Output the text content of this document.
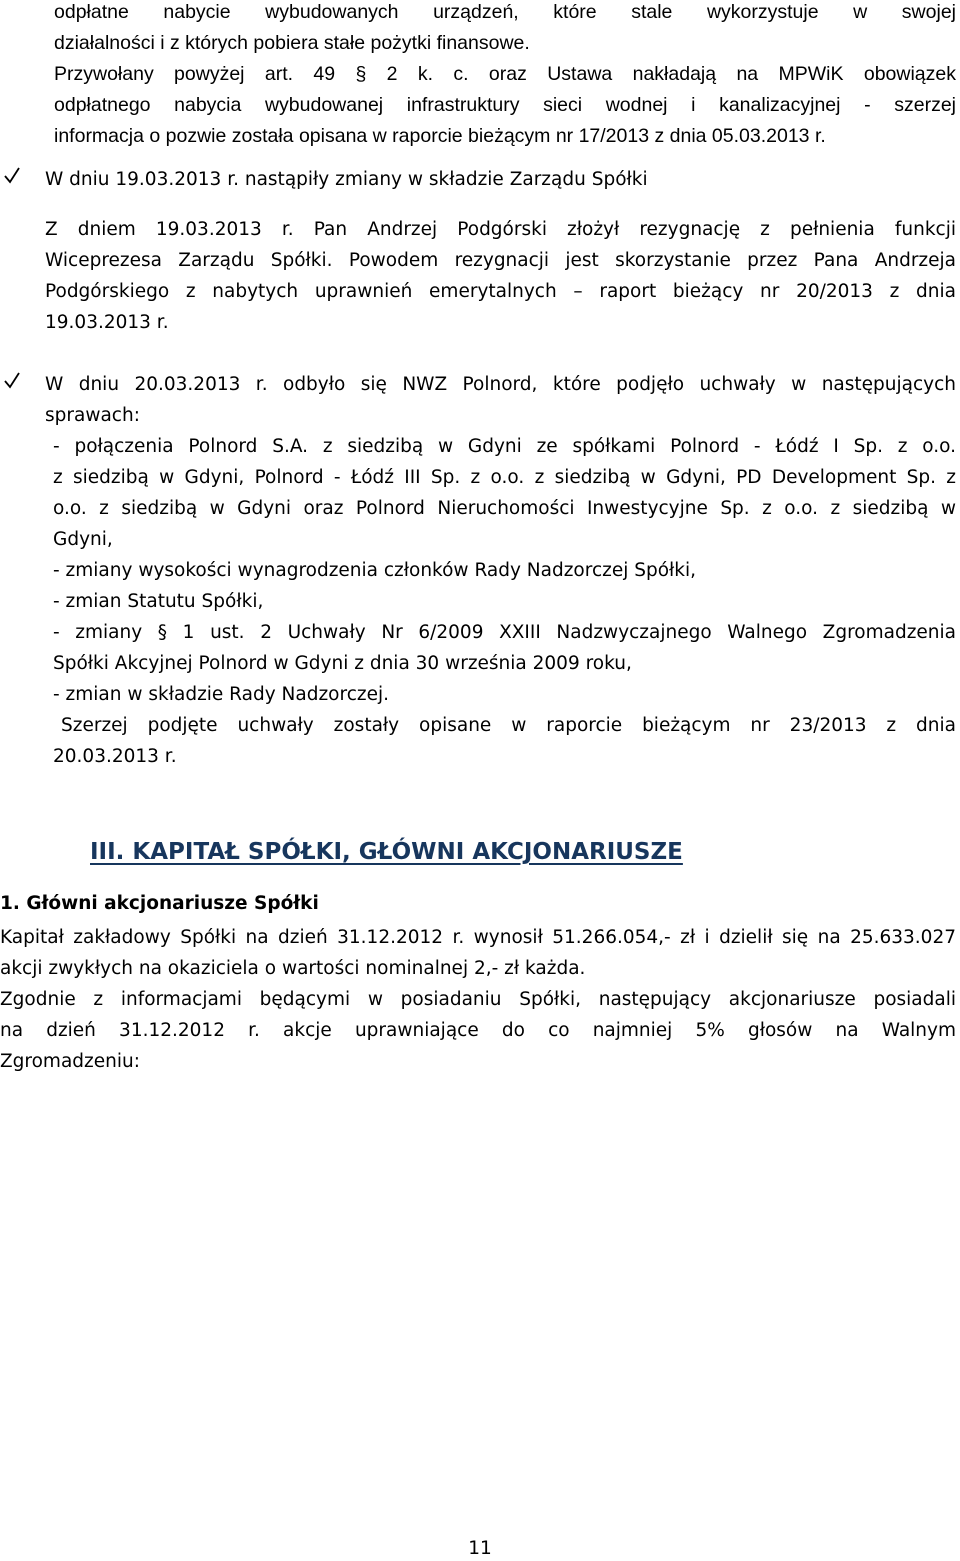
odpłatne nabycie wybudowanych urządzeń, które stale wykorzystuje w swojej
działalności i z których pobiera stałe pożytki finansowe.
Przywołany powyżej art. 49 § 2 k. c. oraz Ustawa nakładają na MPWiK obowiązek
odpłatnego nabycia wybudowanej infrastruktury sieci wodnej i kanalizacyjnej - szerzej
informacja o pozwie została opisana w raporcie bieżącym nr 17/2013 z dnia 05.03.2013 r.
W dniu 19.03.2013 r. nastąpiły zmiany w składzie Zarządu Spółki
Z dniem 19.03.2013 r. Pan Andrzej Podgórski złożył rezygnację z pełnienia funkcji
Wiceprezesa Zarządu Spółki. Powodem rezygnacji jest skorzystanie przez Pana Andrzeja
Podgórskiego z nabytych uprawnień emerytalnych – raport bieżący nr 20/2013 z dnia
19.03.2013 r.
W dniu 20.03.2013 r. odbyło się NWZ Polnord, które podjęło uchwały w następujących
sprawach:
- połączenia Polnord S.A. z siedzibą w Gdyni ze spółkami Polnord - Łódź I Sp. z o.o.
z siedzibą w Gdyni, Polnord - Łódź III Sp. z o.o. z siedzibą w Gdyni, PD Development Sp. z
o.o. z siedzibą w Gdyni oraz Polnord Nieruchomości Inwestycyjne Sp. z o.o. z siedzibą w
Gdyni,
- zmiany wysokości wynagrodzenia członków Rady Nadzorczej Spółki,
- zmian Statutu Spółki,
- zmiany § 1 ust. 2 Uchwały Nr 6/2009 XXIII Nadzwyczajnego Walnego Zgromadzenia
Spółki Akcyjnej Polnord w Gdyni z dnia 30 września 2009 roku,
- zmian w składzie Rady Nadzorczej.
Szerzej podjęte uchwały zostały opisane w raporcie bieżącym nr 23/2013 z dnia
20.03.2013 r.
III. KAPITAŁ SPÓŁKI, GŁÓWNI AKCJONARIUSZE
1. Główni akcjonariusze Spółki
Kapitał zakładowy Spółki na dzień 31.12.2012 r. wynosił 51.266.054,- zł i dzielił się na 25.633.027
akcji zwykłych na okaziciela o wartości nominalnej 2,- zł każda.
Zgodnie z informacjami będącymi w posiadaniu Spółki, następujący akcjonariusze posiadali
na dzień 31.12.2012 r. akcje uprawniające do co najmniej 5% głosów na Walnym
Zgromadzeniu:
11
